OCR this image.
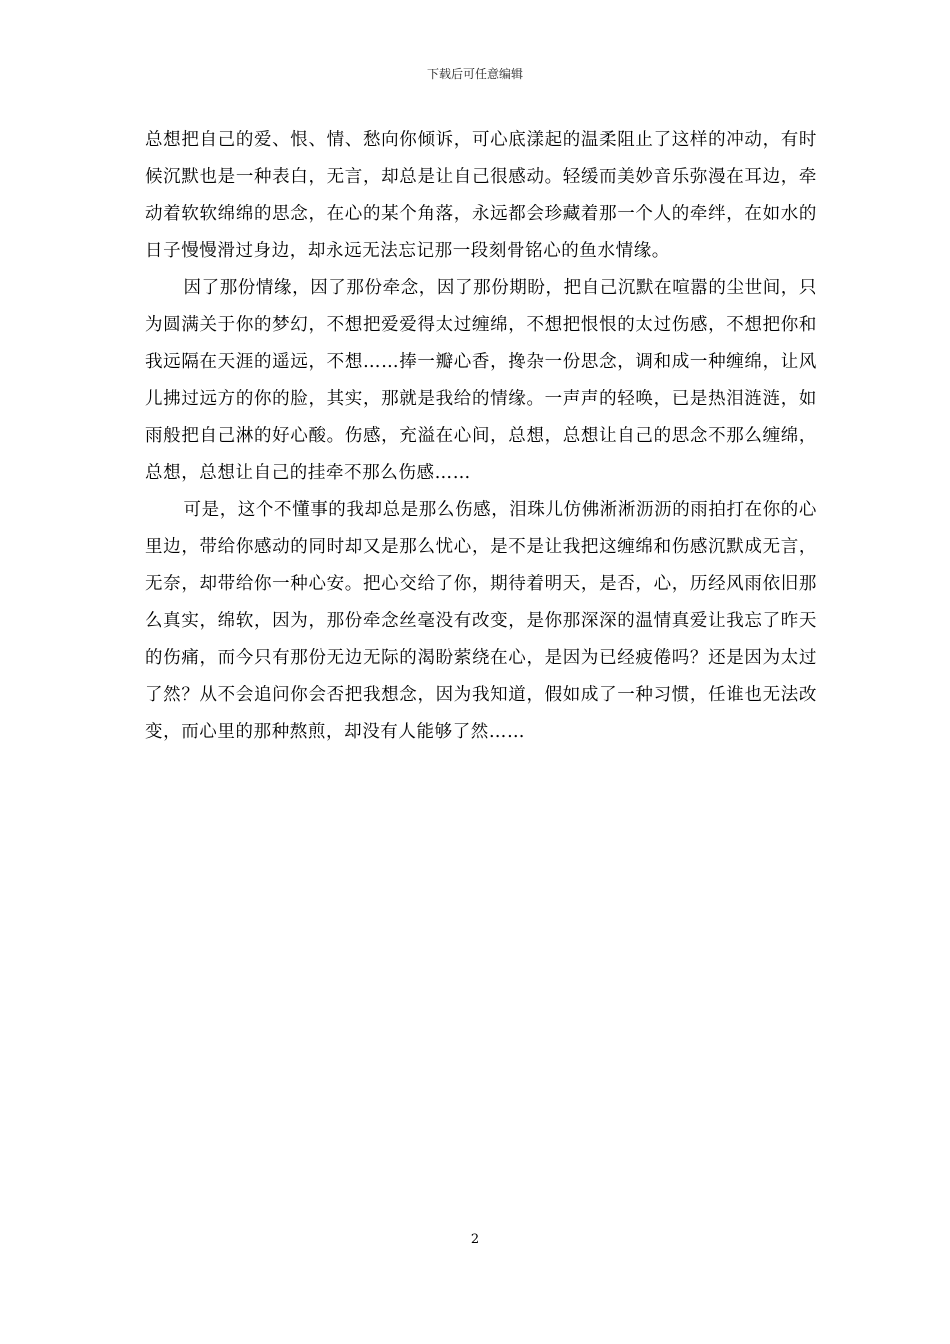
下载后可任意编辑

总想把自己的爱、恨、情、愁向你倾诉，可心底漾起的温柔阻止了这样的冲动，有时候沉默也是一种表白，无言，却总是让自己很感动。轻缓而美妙音乐弥漫在耳边，牵动着软软绵绵的思念，在心的某个角落，永远都会珍藏着那一个人的牵绊，在如水的日子慢慢滑过身边，却永远无法忘记那一段刻骨铭心的鱼水情缘。

因了那份情缘，因了那份牵念，因了那份期盼，把自己沉默在喧嚣的尘世间，只为圆满关于你的梦幻，不想把爱爱得太过缠绵，不想把恨恨的太过伤感，不想把你和我远隔在天涯的遥远，不想……捧一瓣心香，搀杂一份思念，调和成一种缠绵，让风儿拂过远方的你的脸，其实，那就是我给的情缘。一声声的轻唤，已是热泪涟涟，如雨般把自己淋的好心酸。伤感，充溢在心间，总想，总想让自己的思念不那么缠绵，总想，总想让自己的挂牵不那么伤感……

可是，这个不懂事的我却总是那么伤感，泪珠儿仿佛淅淅沥沥的雨拍打在你的心里边，带给你感动的同时却又是那么忧心，是不是让我把这缠绵和伤感沉默成无言，无奈，却带给你一种心安。把心交给了你，期待着明天，是否，心，历经风雨依旧那么真实，绵软，因为，那份牵念丝毫没有改变，是你那深深的温情真爱让我忘了昨天的伤痛，而今只有那份无边无际的渴盼萦绕在心，是因为已经疲倦吗？还是因为太过了然？从不会追问你会否把我想念，因为我知道，假如成了一种习惯，任谁也无法改变，而心里的那种熬煎，却没有人能够了然……

2
